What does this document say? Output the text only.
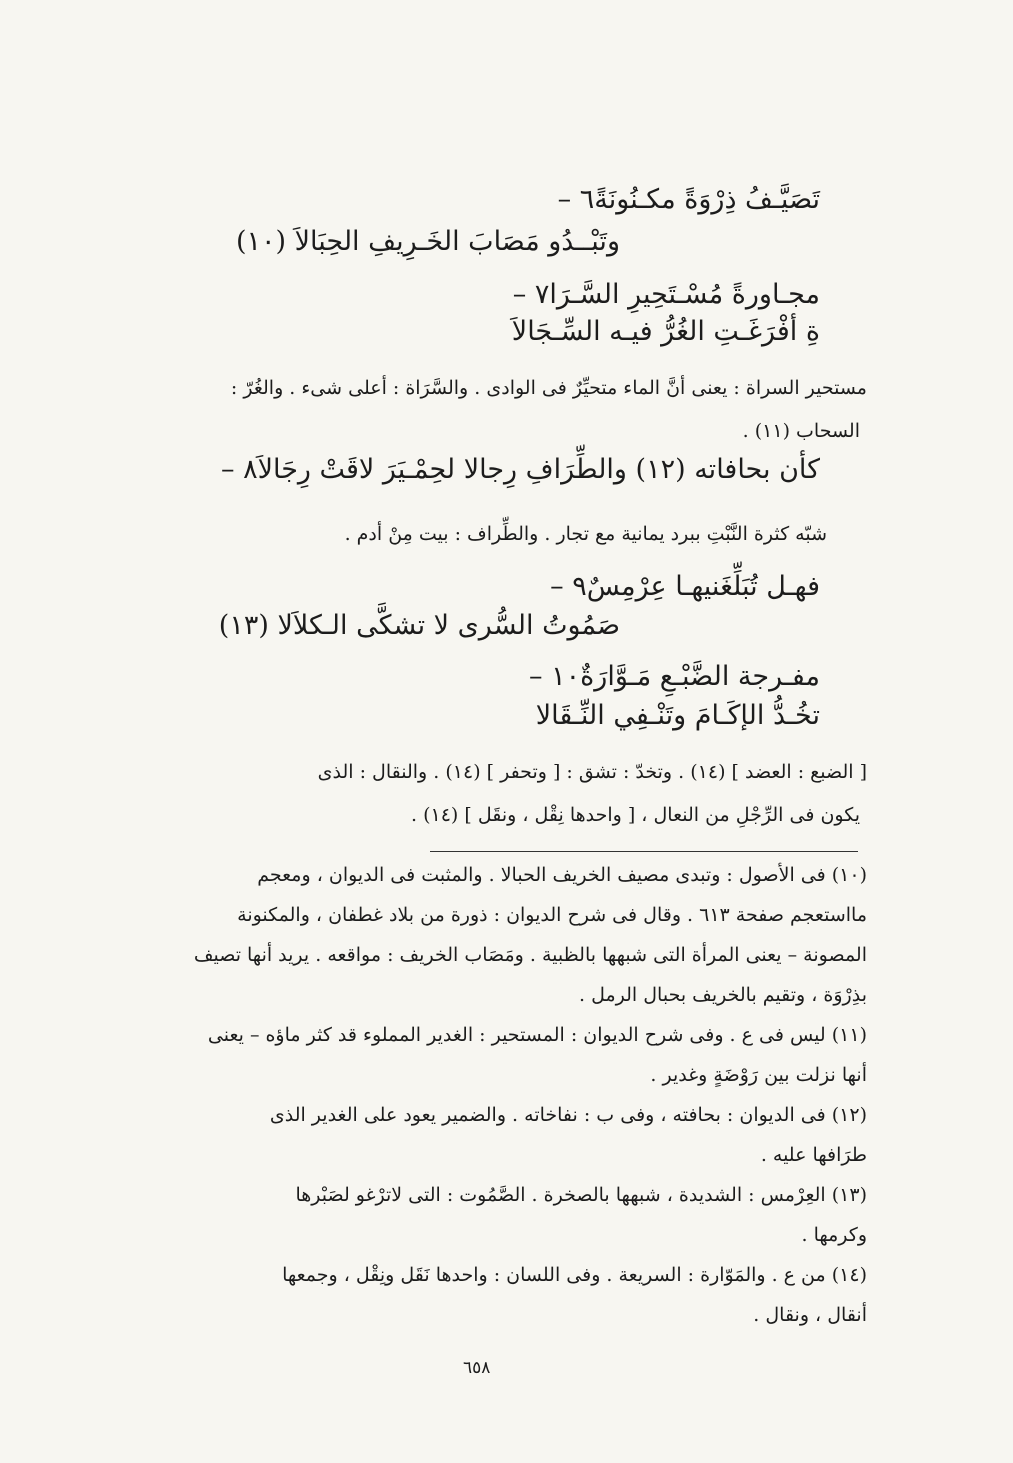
٦ –تَصَيَّـفُ ذِرْوَةً مكـنُونَةً
وتَبْــدُو مَصَابَ الخَـرِيفِ الحِبَالاَ (١٠)
٧ –مجـاورةً مُسْـتَحِيرِ السَّـرَا
ةِ أفْرَغَـتِ الغُرُّ فيـه السِّـجَالاَ
مستحير السراة : يعنى أنَّ الماء متحيِّرٌ فى الوادى . والسَّرَاة : أعلى شىء . والغُرّ :
السحاب (١١) .
٨ –كأن بحافاته (١٢) والطِّرَافِ رِجالا لحِمْـيَرَ لاقَتْ رِجَالاَ
شبّه كثرة النَّبْتِ ببرد يمانية مع تجار . والطِّراف : بيت مِنْ أدم .
٩ –فهـل تُبَلِّغَنيهـا عِرْمِسٌ
صَمُوتُ السُّرى لا تشكَّى الـكلاَلا (١٣)
١٠ –مفـرجة الضَّبْـعِ مَـوَّارَةٌ
تخُـدُّ الإكَـامَ وتَنْـفِي النِّـقَالا
[ الضبع : العضد ] (١٤) . وتخدّ : تشق : [ وتحفر ] (١٤) . والنقال : الذى
يكون فى الرِّجْلِ من النعال ، [ واحدها نِقْل ، ونقَل ] (١٤) .
(١٠) فى الأصول : وتبدى مصيف الخريف الحبالا . والمثبت فى الديوان ، ومعجم
مااستعجم صفحة ٦١٣ . وقال فى شرح الديوان : ذورة من بلاد غطفان ، والمكنونة
المصونة – يعنى المرأة التى شبهها بالظبية . ومَصَاب الخريف : مواقعه . يريد أنها تصيف
بذِرْوَة ، وتقيم بالخريف بحبال الرمل .
(١١) ليس فى ع . وفى شرح الديوان : المستحير : الغدير المملوء قد كثر ماؤه – يعنى
أنها نزلت بين رَوْضَةٍ وغدير .
(١٢) فى الديوان : بحافته ، وفى ب : نفاخاته . والضمير يعود على الغدير الذى
طرَافها عليه .
(١٣) العِرْمس : الشديدة ، شبهها بالصخرة . الصَّمُوت : التى لاترْغو لصَبْرها
وكرمها .
(١٤) من ع . والمَوّارة : السريعة . وفى اللسان : واحدها نَقَل ونِقْل ، وجمعها
أنقال ، ونقال .
٦٥٨
